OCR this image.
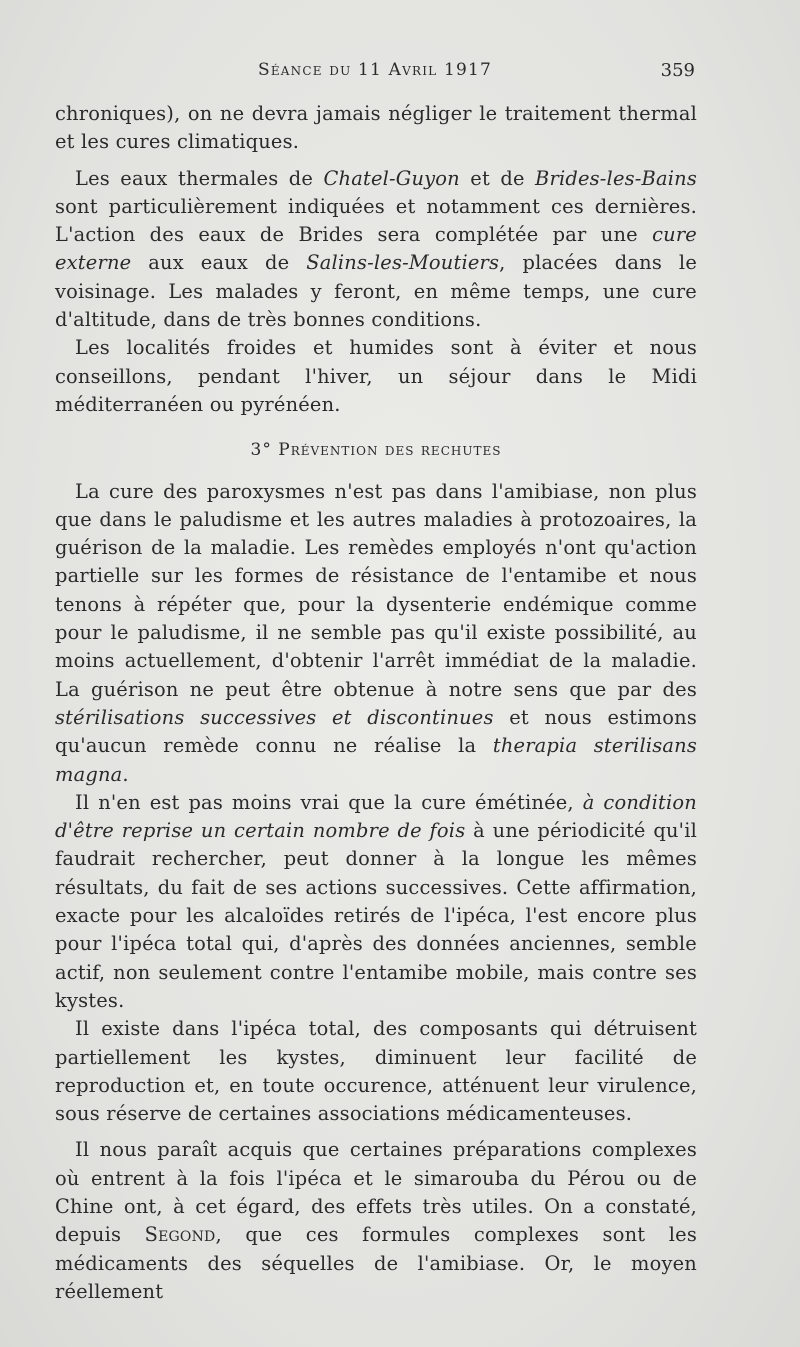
Séance du 11 Avril 1917	359

chroniques), on ne devra jamais négliger le traitement thermal et les cures climatiques.

Les eaux thermales de Chatel-Guyon et de Brides-les-Bains sont particulièrement indiquées et notamment ces dernières. L'action des eaux de Brides sera complétée par une cure externe aux eaux de Salins-les-Moutiers, placées dans le voisinage. Les malades y feront, en même temps, une cure d'altitude, dans de très bonnes conditions.

Les localités froides et humides sont à éviter et nous conseillons, pendant l'hiver, un séjour dans le Midi méditerranéen ou pyrénéen.

3° Prévention des rechutes

La cure des paroxysmes n'est pas dans l'amibiase, non plus que dans le paludisme et les autres maladies à protozoaires, la guérison de la maladie. Les remèdes employés n'ont qu'action partielle sur les formes de résistance de l'entamibe et nous tenons à répéter que, pour la dysenterie endémique comme pour le paludisme, il ne semble pas qu'il existe possibilité, au moins actuellement, d'obtenir l'arrêt immédiat de la maladie. La guérison ne peut être obtenue à notre sens que par des stérilisations successives et discontinues et nous estimons qu'aucun remède connu ne réalise la therapia sterilisans magna.

Il n'en est pas moins vrai que la cure émétinée, à condition d'être reprise un certain nombre de fois à une périodicité qu'il faudrait rechercher, peut donner à la longue les mêmes résultats, du fait de ses actions successives. Cette affirmation, exacte pour les alcaloïdes retirés de l'ipéca, l'est encore plus pour l'ipéca total qui, d'après des données anciennes, semble actif, non seulement contre l'entamibe mobile, mais contre ses kystes.

Il existe dans l'ipéca total, des composants qui détruisent partiellement les kystes, diminuent leur facilité de reproduction et, en toute occurence, atténuent leur virulence, sous réserve de certaines associations médicamenteuses.

Il nous paraît acquis que certaines préparations complexes où entrent à la fois l'ipéca et le simarouba du Pérou ou de Chine ont, à cet égard, des effets très utiles. On a constaté, depuis Segond, que ces formules complexes sont les médicaments des séquelles de l'amibiase. Or, le moyen réellement
